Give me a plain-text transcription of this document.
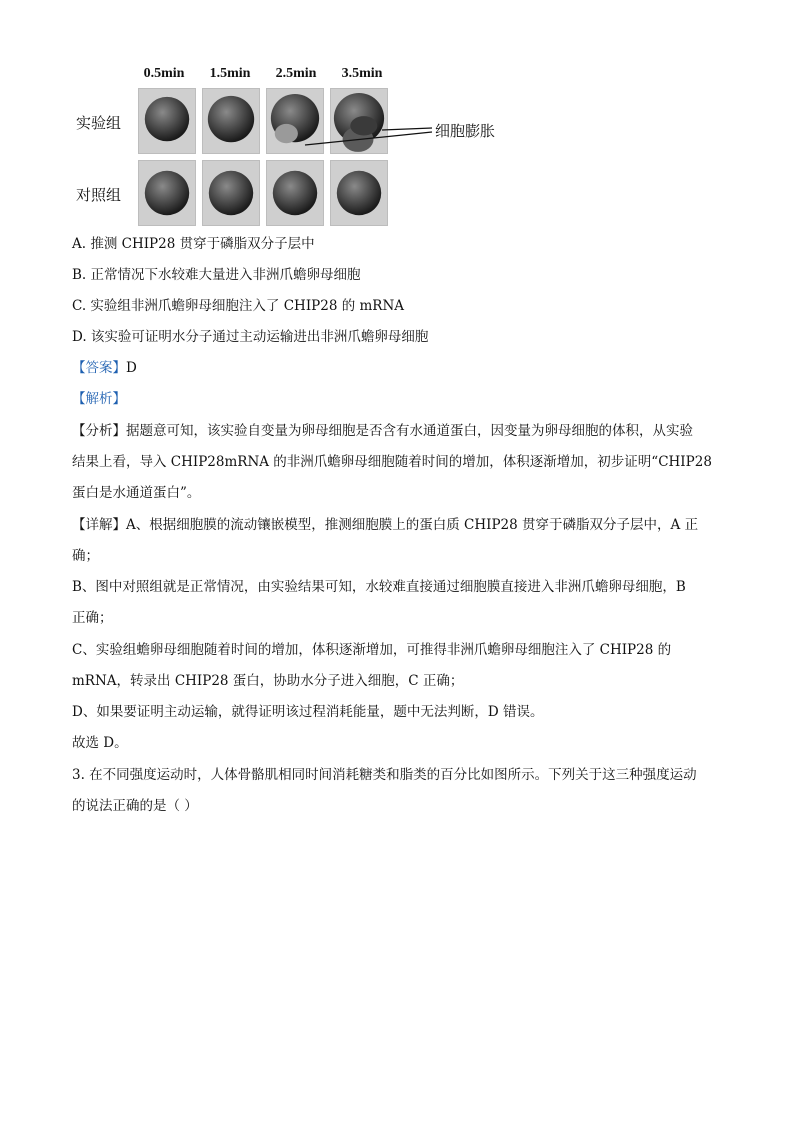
0.5min	1.5min	2.5min	3.5min
实验组
对照组
细胞膨胀
A. 推测 CHIP28 贯穿于磷脂双分子层中
B. 正常情况下水较难大量进入非洲爪蟾卵母细胞
C. 实验组非洲爪蟾卵母细胞注入了 CHIP28 的 mRNA
D. 该实验可证明水分子通过主动运输进出非洲爪蟾卵母细胞
【答案】D
【解析】
【分析】据题意可知，该实验自变量为卵母细胞是否含有水通道蛋白，因变量为卵母细胞的体积，从实验
结果上看，导入 CHIP28mRNA 的非洲爪蟾卵母细胞随着时间的增加，体积逐渐增加，初步证明“CHIP28
蛋白是水通道蛋白”。
【详解】A、根据细胞膜的流动镶嵌模型，推测细胞膜上的蛋白质 CHIP28 贯穿于磷脂双分子层中，A 正
确；
B、图中对照组就是正常情况，由实验结果可知，水较难直接通过细胞膜直接进入非洲爪蟾卵母细胞，B
正确；
C、实验组蟾卵母细胞随着时间的增加，体积逐渐增加，可推得非洲爪蟾卵母细胞注入了 CHIP28 的
mRNA，转录出 CHIP28 蛋白，协助水分子进入细胞，C 正确；
D、如果要证明主动运输，就得证明该过程消耗能量，题中无法判断，D 错误。
故选 D。
3. 在不同强度运动时，人体骨骼肌相同时间消耗糖类和脂类的百分比如图所示。下列关于这三种强度运动
的说法正确的是（ ）
